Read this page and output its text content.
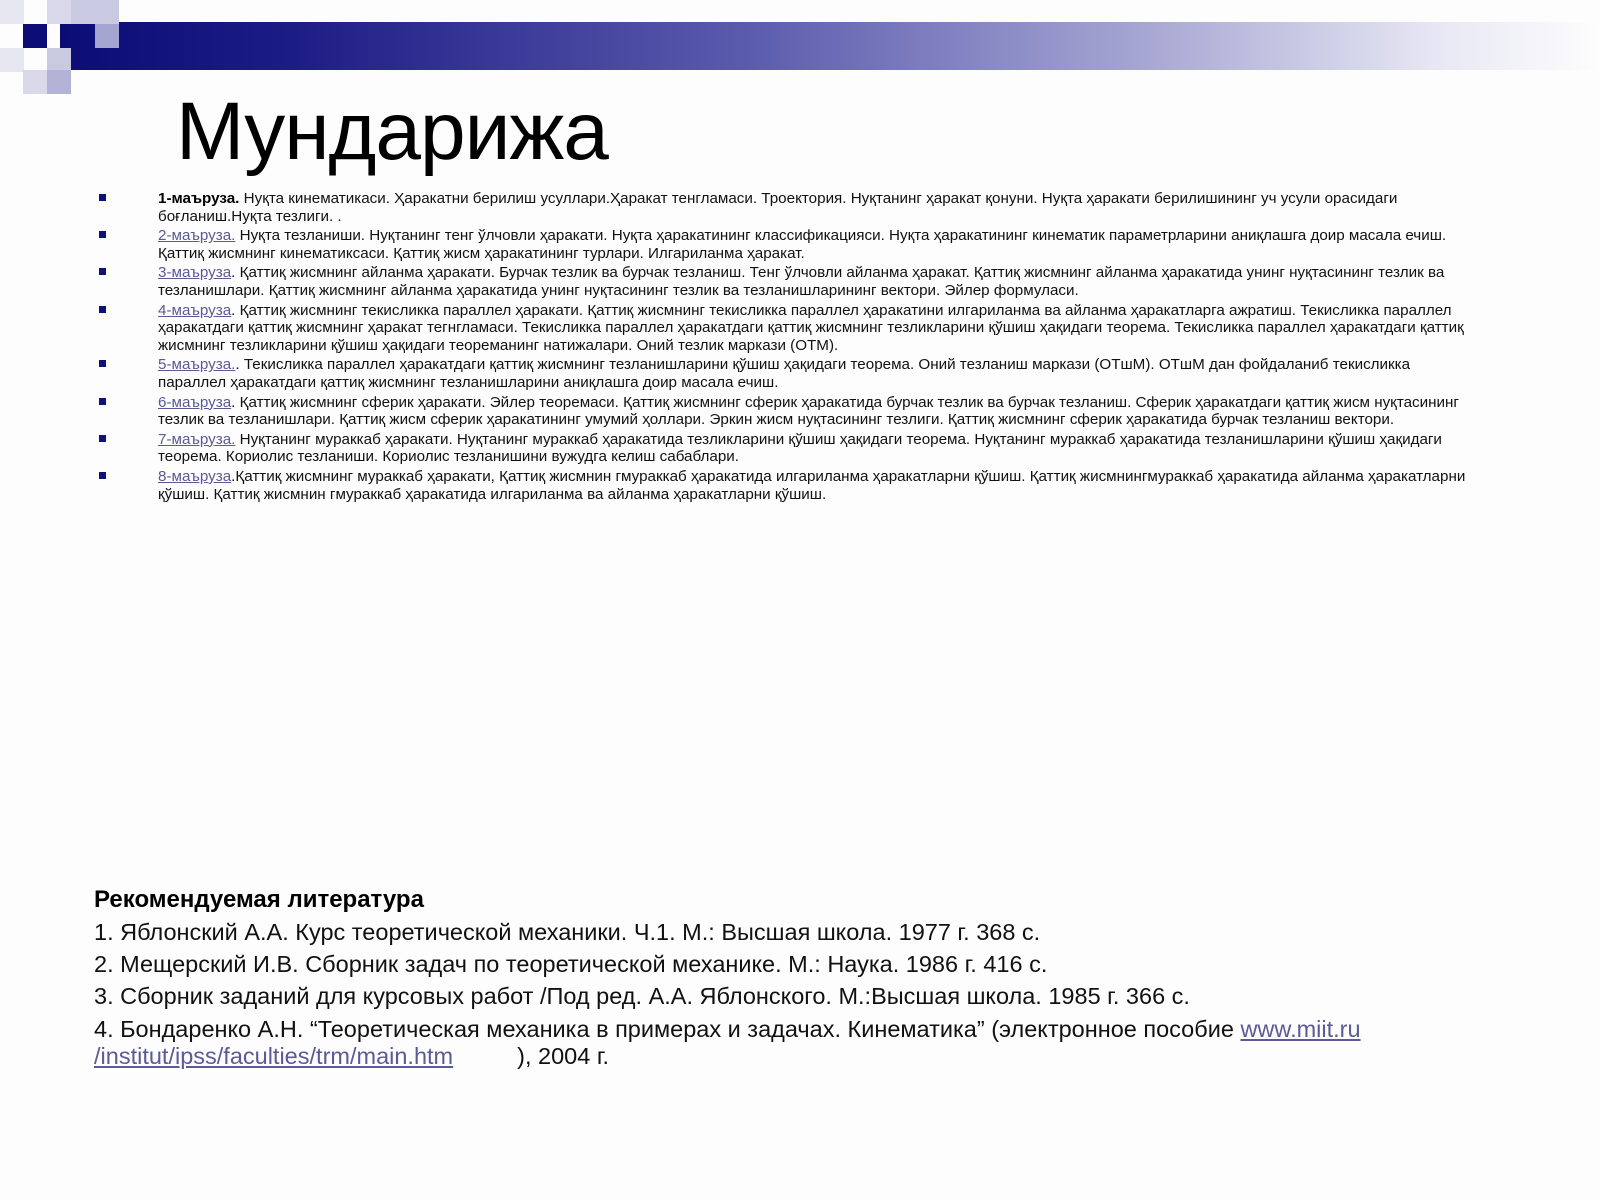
Мундарижа
1-маъруза. Нуқта кинематикаси. Ҳаракатни берилиш усуллари.Ҳаракат тенгламаси. Троектория. Нуқтанинг ҳаракат қонуни. Нуқта ҳаракати берилишининг уч усули орасидаги боғланиш.Нуқта тезлиги. .
2-маъруза. Нуқта тезланиши. Нуқтанинг тенг ўлчовли ҳаракати. Нуқта ҳаракатининг классификацияси. Нуқта ҳаракатининг кинематик параметрларини аниқлашга доир масала ечиш. Қаттиқ жисмнинг кинематиксаси. Қаттиқ жисм ҳаракатининг турлари. Илгариланма ҳаракат.
3-маъруза. Қаттиқ жисмнинг айланма ҳаракати. Бурчак тезлик ва бурчак тезланиш. Тенг ўлчовли айланма ҳаракат. Қаттиқ жисмнинг айланма ҳаракатида унинг нуқтасининг тезлик ва тезланишлари. Қаттиқ жисмнинг айланма ҳаракатида унинг нуқтасининг тезлик ва тезланишларининг вектори. Эйлер формуласи.
4-маъруза. Қаттиқ жисмнинг текисликка параллел ҳаракати. Қаттиқ жисмнинг текисликка параллел ҳаракатини илгариланма ва айланма ҳаракатларга ажратиш. Текисликка параллел ҳаракатдаги қаттиқ жисмнинг ҳаракат тегнгламаси. Текисликка параллел ҳаракатдаги қаттиқ жисмнинг тезликларини қўшиш ҳақидаги теорема. Текисликка параллел ҳаракатдаги қаттиқ жисмнинг тезликларини қўшиш ҳақидаги теореманинг натижалари. Оний тезлик маркази (ОТМ).
5-маъруза.. Текисликка параллел ҳаракатдаги қаттиқ жисмнинг тезланишларини қўшиш ҳақидаги теорема. Оний тезланиш маркази (ОТшМ). ОТшМ дан фойдаланиб текисликка параллел ҳаракатдаги қаттиқ жисмнинг тезланишларини аниқлашга доир масала ечиш.
6-маъруза. Қаттиқ жисмнинг сферик ҳаракати. Эйлер теоремаси. Қаттиқ жисмнинг сферик ҳаракатида бурчак тезлик ва бурчак тезланиш. Сферик ҳаракатдаги қаттиқ жисм нуқтасининг тезлик ва тезланишлари. Қаттиқ жисм сферик ҳаракатининг умумий ҳоллари. Эркин жисм нуқтасининг тезлиги. Қаттиқ жисмнинг сферик ҳаракатида бурчак тезланиш вектори.
7-маъруза. Нуқтанинг мураккаб ҳаракати. Нуқтанинг мураккаб ҳаракатида тезликларини қўшиш ҳақидаги теорема. Нуқтанинг мураккаб ҳаракатида тезланишларини қўшиш ҳақидаги теорема. Кориолис тезланиши. Кориолис тезланишини вужудга келиш сабаблари.
8-маъруза.Қаттиқ жисмнинг мураккаб ҳаракати, Қаттиқ жисмнин гмураккаб ҳаракатида илгариланма ҳаракатларни қўшиш. Қаттиқ жисмнингмураккаб ҳаракатида айланма ҳаракатларни қўшиш. Қаттиқ жисмнин гмураккаб ҳаракатида илгариланма ва айланма ҳаракатларни қўшиш.

Рекомендуемая литература

1. Яблонский А.А. Курс теоретической механики. Ч.1. М.: Высшая школа. 1977 г. 368 с.

2. Мещерский И.В. Сборник задач по теоретической механике. М.: Наука. 1986 г. 416 с.

3. Сборник заданий для курсовых работ /Под ред. А.А. Яблонского. М.:Высшая школа. 1985 г. 366 с.

4. Бондаренко А.Н. “Теоретическая механика в примерах и задачах. Кинематика” (электронное пособие www.miit.ru
/institut/ipss/faculties/trm/main.htm	), 2004 г.
